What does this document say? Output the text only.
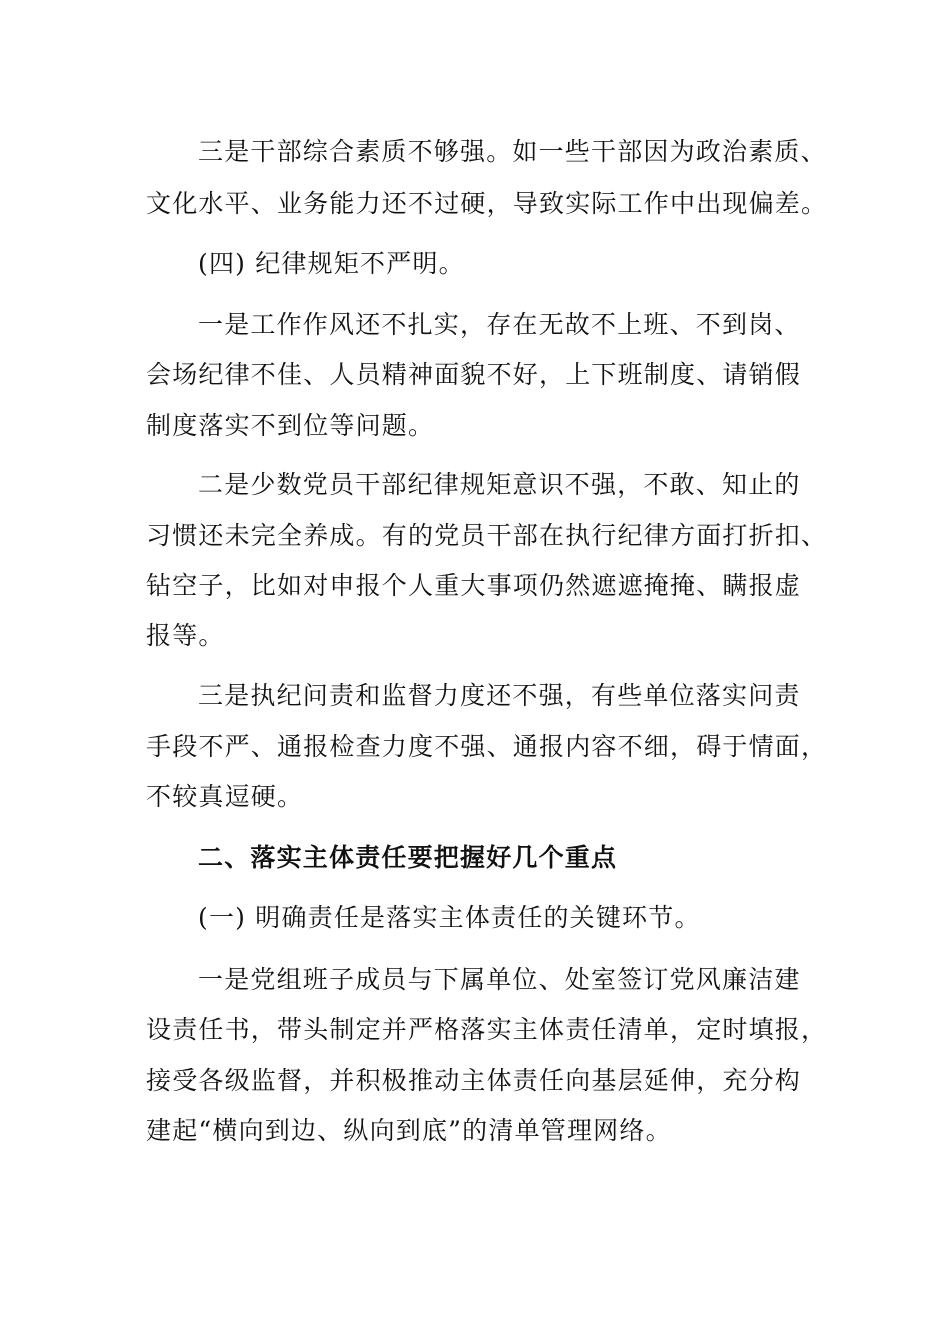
三是干部综合素质不够强。如一些干部因为政治素质、
文化水平、业务能力还不过硬，导致实际工作中出现偏差。
(四) 纪律规矩不严明。
一是工作作风还不扎实，存在无故不上班、不到岗、
会场纪律不佳、人员精神面貌不好，上下班制度、请销假
制度落实不到位等问题。
二是少数党员干部纪律规矩意识不强，不敢、知止的
习惯还未完全养成。有的党员干部在执行纪律方面打折扣、
钻空子，比如对申报个人重大事项仍然遮遮掩掩、瞒报虚
报等。
三是执纪问责和监督力度还不强，有些单位落实问责
手段不严、通报检查力度不强、通报内容不细，碍于情面，
不较真逗硬。
二、落实主体责任要把握好几个重点
(一) 明确责任是落实主体责任的关键环节。
一是党组班子成员与下属单位、处室签订党风廉洁建
设责任书，带头制定并严格落实主体责任清单，定时填报，
接受各级监督，并积极推动主体责任向基层延伸，充分构
建起“横向到边、纵向到底”的清单管理网络。
